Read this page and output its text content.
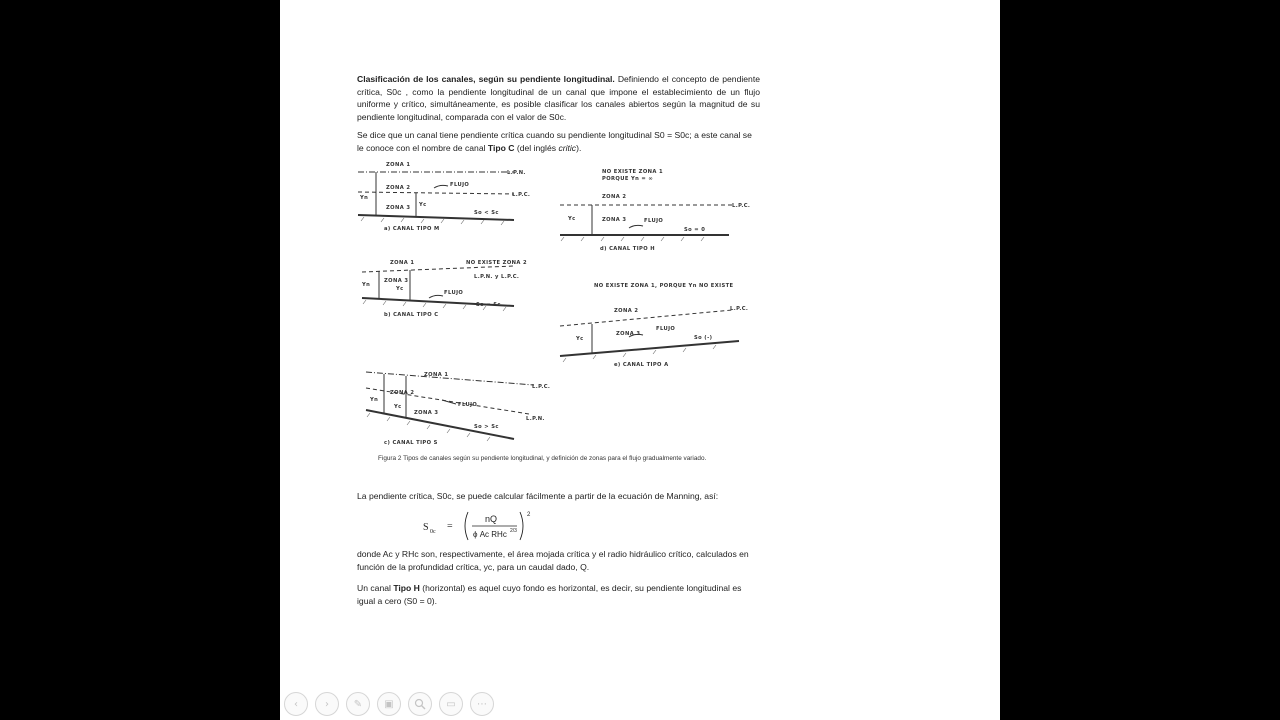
Clasificación de los canales, según su pendiente longitudinal. Definiendo el concepto de pendiente crítica, S0c , como la pendiente longitudinal de un canal que impone el establecimiento de un flujo uniforme y crítico, simultáneamente, es posible clasificar los canales abiertos según la magnitud de su pendiente longitudinal, comparada con el valor de S0c.

Se dice que un canal tiene pendiente crítica cuando su pendiente longitudinal S0 = S0c; a este canal se le conoce con el nombre de canal Tipo C (del inglés critic).

ZONA 1
ZONA 2
ZONA 3
FLUJO
L.P.N.
L.P.C.
Yn
Yc
So < Sc
a) CANAL TIPO M
NO EXISTE ZONA 1
PORQUE Yn = ∞
ZONA 2
ZONA 3	FLUJO
L.P.C.
Yc
So = 0
d) CANAL TIPO H
ZONA 1	NO EXISTE ZONA 2
L.P.N. y L.P.C.
ZONA 3
FLUJO
Yn
Yc
So = Sc
b) CANAL TIPO C
NO EXISTE ZONA 1, PORQUE Yn NO EXISTE
ZONA 2
ZONA 3
FLUJO
L.P.C.
Yc	So (-)
e) CANAL TIPO A
ZONA 1
ZONA 2
ZONA 3
FLUJO
L.P.C.
L.P.N.
Yn
Yc
So > Sc
c) CANAL TIPO S
Figura 2 Tipos de canales según su pendiente longitudinal, y definición de zonas para el flujo gradualmente variado.

La pendiente crítica, S0c, se puede calcular fácilmente a partir de la ecuación de Manning, así:

S 0c =
nQ
ϕ Ac RHc 2/3
2

donde Ac y RHc son, respectivamente, el área mojada crítica y el radio hidráulico crítico, calculados en función de la profundidad crítica, yc, para un caudal dado, Q.

Un canal Tipo H (horizontal) es aquel cuyo fondo es horizontal, es decir, su pendiente longitudinal es igual a cero (S0 = 0).

‹	› ✎ ▣	▭ ⋯
